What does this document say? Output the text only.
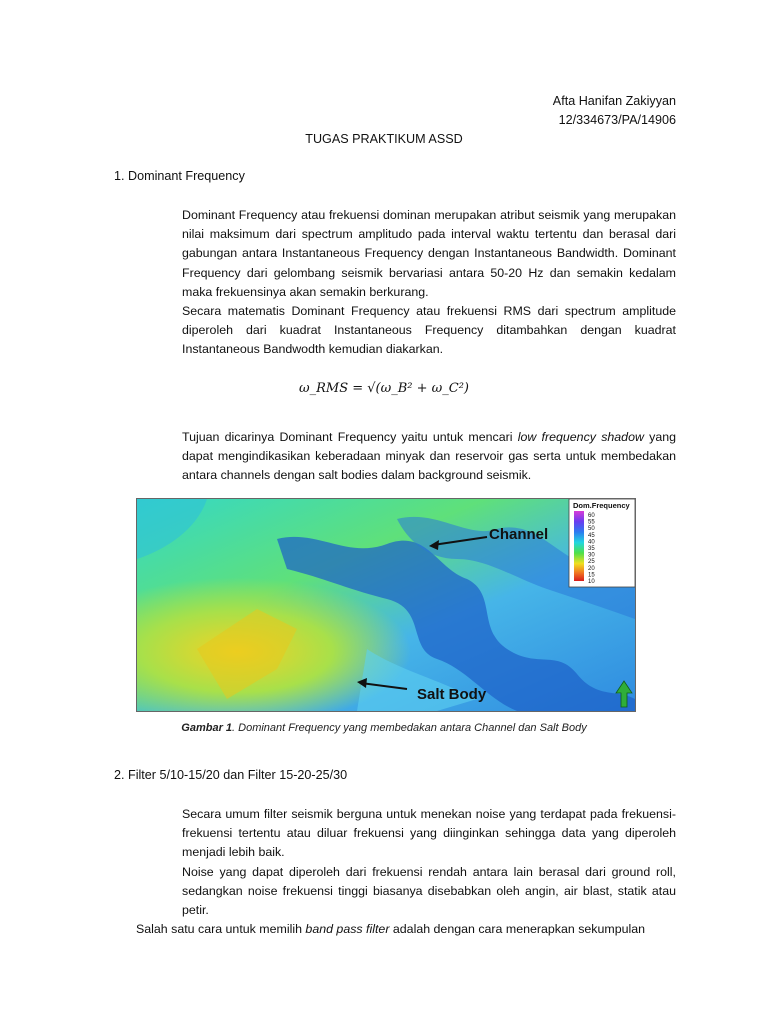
Afta Hanifan Zakiyyan
12/334673/PA/14906
TUGAS PRAKTIKUM ASSD
1. Dominant Frequency

Dominant Frequency atau frekuensi dominan merupakan atribut seismik yang merupakan nilai maksimum dari spectrum amplitudo pada interval waktu tertentu dan berasal dari gabungan antara Instantaneous Frequency dengan Instantaneous Bandwidth. Dominant Frequency dari gelombang seismik bervariasi antara 50-20 Hz dan semakin kedalam maka frekuensinya akan semakin berkurang.

Secara matematis Dominant Frequency atau frekuensi RMS dari spectrum amplitude diperoleh dari kuadrat Instantaneous Frequency ditambahkan dengan kuadrat Instantaneous Bandwodth kemudian diakarkan.

ω_RMS = √(ω_B² + ω_C²)

Tujuan dicarinya Dominant Frequency yaitu untuk mencari low frequency shadow yang dapat mengindikasikan keberadaan minyak dan reservoir gas serta untuk membedakan antara channels dengan salt bodies dalam background seismik.

Channel
Salt Body
Dom.Frequency
60
55
50
45
40
35
30
25
20
15
10
Gambar 1. Dominant Frequency yang membedakan antara Channel dan Salt Body
2. Filter 5/10-15/20 dan Filter 15-20-25/30

Secara umum filter seismik berguna untuk menekan noise yang terdapat pada frekuensi-frekuensi tertentu atau diluar frekuensi yang diinginkan sehingga data yang diperoleh menjadi lebih baik.

Noise yang dapat diperoleh dari frekuensi rendah antara lain berasal dari ground roll, sedangkan noise frekuensi tinggi biasanya disebabkan oleh angin, air blast, statik atau petir.

Salah satu cara untuk memilih band pass filter adalah dengan cara menerapkan sekumpulan
